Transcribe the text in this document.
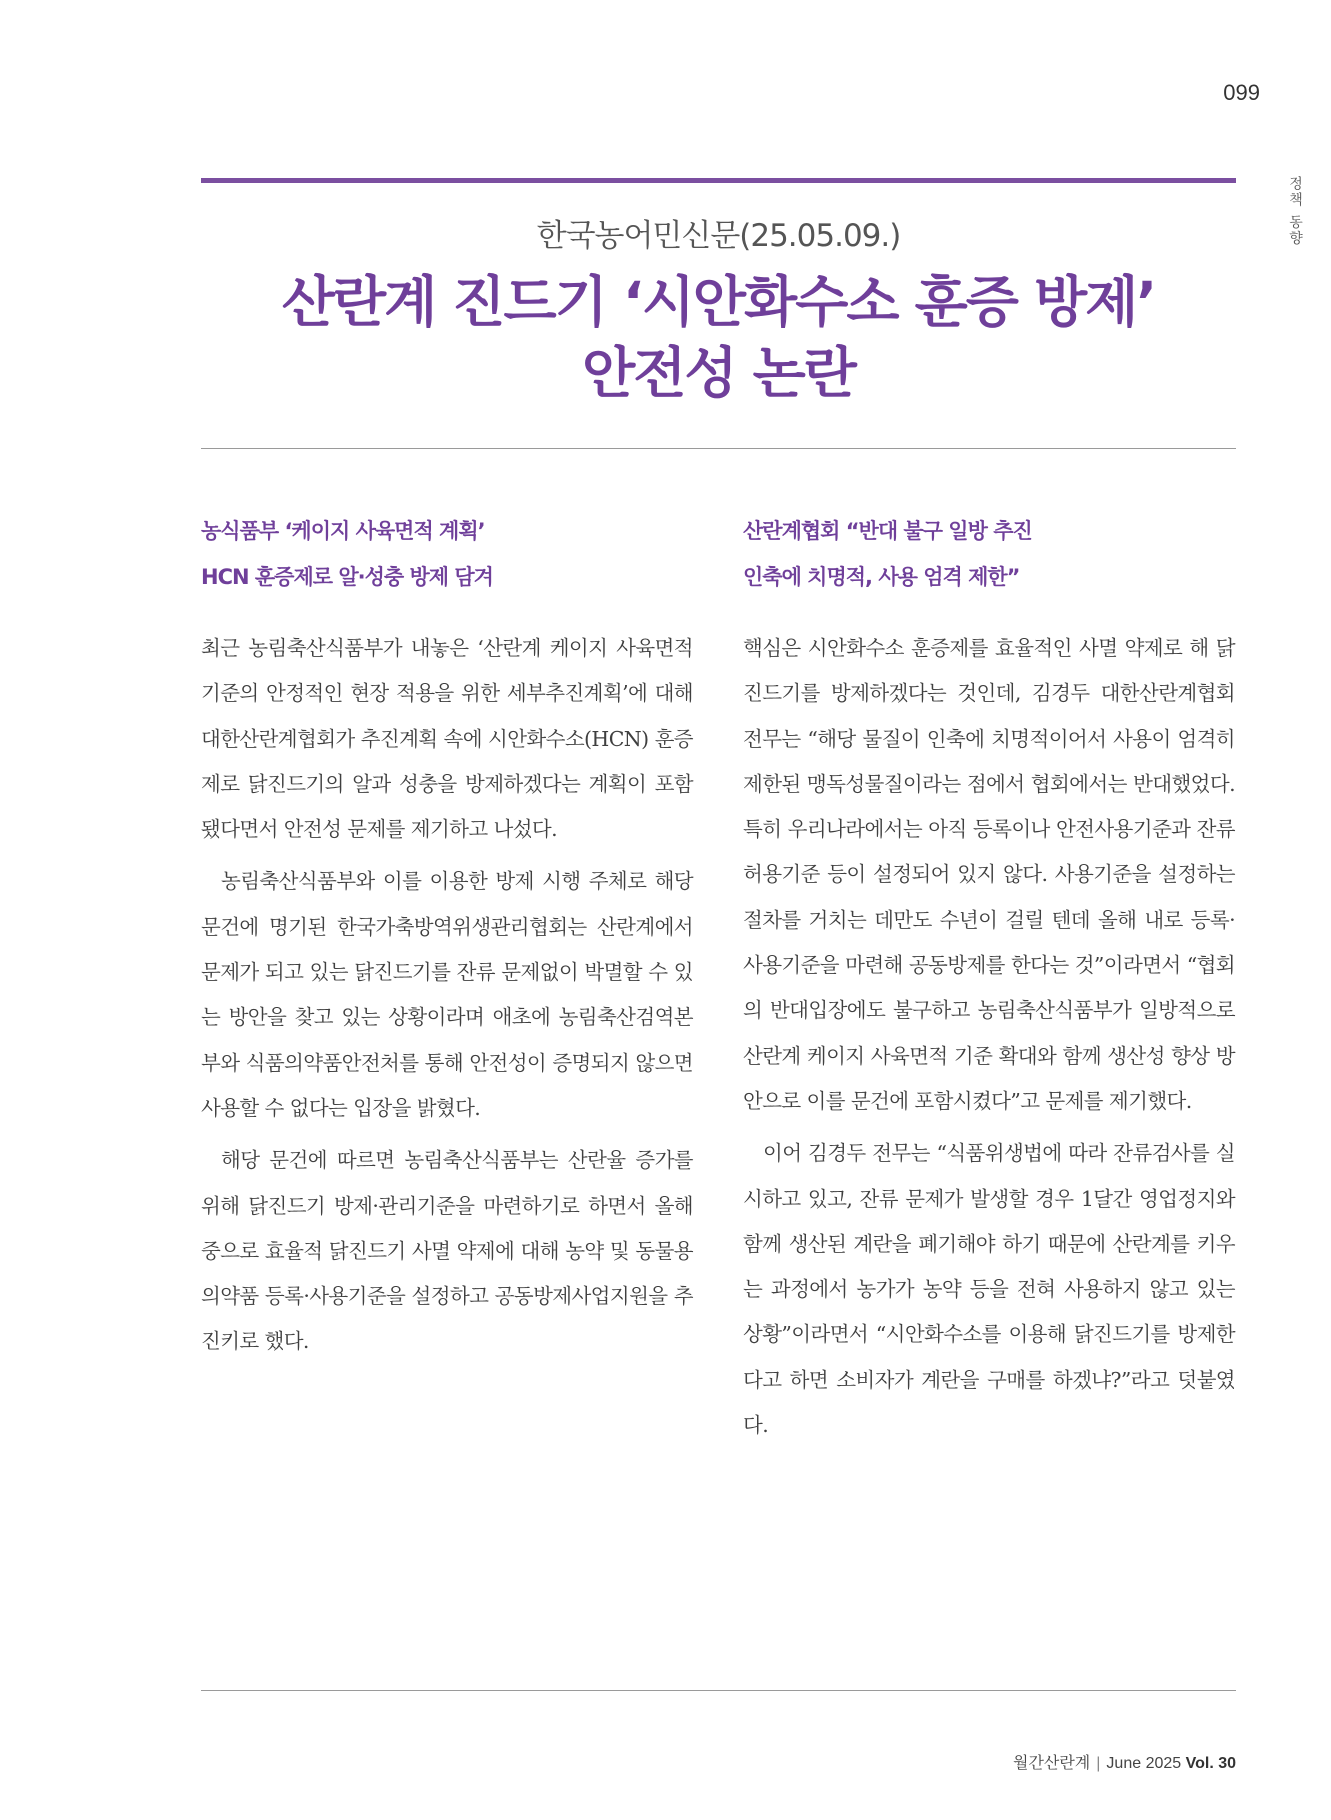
099
정책 동향
한국농어민신문(25.05.09.)
산란계 진드기 ‘시안화수소 훈증 방제’
안전성 논란
농식품부 ‘케이지 사육면적 계획’
HCN 훈증제로 알·성충 방제 담겨

최근 농림축산식품부가 내놓은 ‘산란계 케이지 사육면적 기준의 안정적인 현장 적용을 위한 세부추진계획’에 대해 대한산란계협회가 추진계획 속에 시안화수소(HCN) 훈증제로 닭진드기의 알과 성충을 방제하겠다는 계획이 포함됐다면서 안전성 문제를 제기하고 나섰다.

농림축산식품부와 이를 이용한 방제 시행 주체로 해당문건에 명기된 한국가축방역위생관리협회는 산란계에서 문제가 되고 있는 닭진드기를 잔류 문제없이 박멸할 수 있는 방안을 찾고 있는 상황이라며 애초에 농림축산검역본부와 식품의약품안전처를 통해 안전성이 증명되지 않으면 사용할 수 없다는 입장을 밝혔다.

해당 문건에 따르면 농림축산식품부는 산란율 증가를 위해 닭진드기 방제·관리기준을 마련하기로 하면서 올해 중으로 효율적 닭진드기 사멸 약제에 대해 농약 및 동물용의약품 등록·사용기준을 설정하고 공동방제사업지원을 추진키로 했다.

산란계협회 “반대 불구 일방 추진
인축에 치명적, 사용 엄격 제한”

핵심은 시안화수소 훈증제를 효율적인 사멸 약제로 해 닭진드기를 방제하겠다는 것인데, 김경두 대한산란계협회 전무는 “해당 물질이 인축에 치명적이어서 사용이 엄격히 제한된 맹독성물질이라는 점에서 협회에서는 반대했었다. 특히 우리나라에서는 아직 등록이나 안전사용기준과 잔류허용기준 등이 설정되어 있지 않다. 사용기준을 설정하는 절차를 거치는 데만도 수년이 걸릴 텐데 올해 내로 등록·사용기준을 마련해 공동방제를 한다는 것”이라면서 “협회의 반대입장에도 불구하고 농림축산식품부가 일방적으로 산란계 케이지 사육면적 기준 확대와 함께 생산성 향상 방안으로 이를 문건에 포함시켰다”고 문제를 제기했다.

이어 김경두 전무는 “식품위생법에 따라 잔류검사를 실시하고 있고, 잔류 문제가 발생할 경우 1달간 영업정지와 함께 생산된 계란을 폐기해야 하기 때문에 산란계를 키우는 과정에서 농가가 농약 등을 전혀 사용하지 않고 있는 상황”이라면서 “시안화수소를 이용해 닭진드기를 방제한다고 하면 소비자가 계란을 구매를 하겠냐?”라고 덧붙였다.

월간산란계 | June 2025 Vol. 30
